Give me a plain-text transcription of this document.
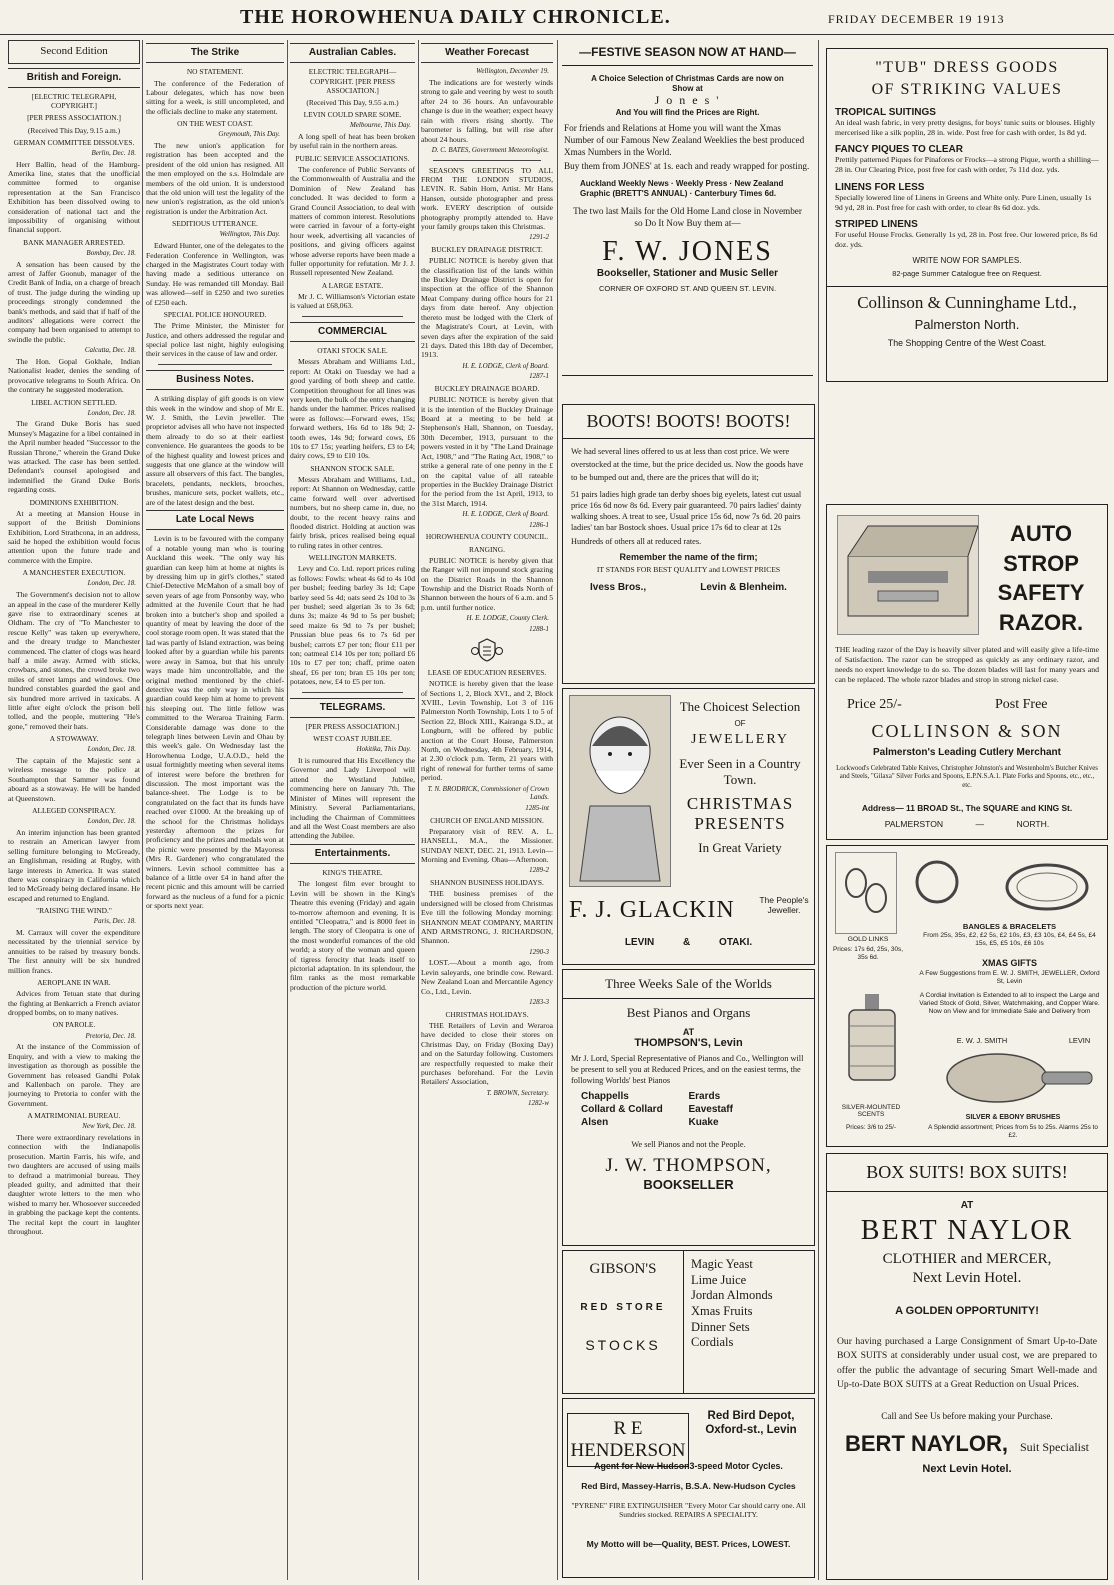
THE HOROWHENUA DAILY CHRONICLE.	FRIDAY DECEMBER 19 1913
Second Edition
British and Foreign.
[ELECTRIC TELEGRAPH, COPYRIGHT.]
[PER PRESS ASSOCIATION.]
(Received This Day, 9.15 a.m.)
GERMAN COMMITTEE DISSOLVES.
Berlin, Dec. 18.

Herr Ballin, head of the Hamburg-Amerika line, states that the unofficial committee formed to organise representation at the San Francisco Exhibition has been dissolved owing to consideration of national tact and the impossibility of organising without financial support.

BANK MANAGER ARRESTED.
Bombay, Dec. 18.

A sensation has been caused by the arrest of Jaffer Goonub, manager of the Credit Bank of India, on a charge of breach of trust. The judge during the winding up proceedings strongly condemned the bank's methods, and said that if half of the auditors' allegations were correct the company had been organised to attempt to swindle the public.

Calcutta, Dec. 18.

The Hon. Gopal Gokhale, Indian Nationalist leader, denies the sending of provocative telegrams to South Africa. On the contrary he suggested moderation.

LIBEL ACTION SETTLED.
London, Dec. 18.

The Grand Duke Boris has sued Munsey's Magazine for a libel contained in the April number headed "Successor to the Russian Throne," wherein the Grand Duke was attacked. The case has been settled. Defendant's counsel apologised and indemnified the Grand Duke Boris regarding costs.

DOMINIONS EXHIBITION.

At a meeting at Mansion House in support of the British Dominions Exhibition, Lord Strathcona, in an address, said he hoped the exhibition would focus attention upon the future trade and commerce with the Empire.

A MANCHESTER EXECUTION.
London, Dec. 18.

The Government's decision not to allow an appeal in the case of the murderer Kelly gave rise to extraordinary scenes at Oldham. The cry of "To Manchester to rescue Kelly" was taken up everywhere, and the dreary trudge to Manchester commenced. The clatter of clogs was heard half a mile away. Armed with sticks, crowbars, and stones, the crowd broke two miles of street lamps and windows. One hundred constables guarded the gaol and six hundred more arrived in taxicabs. A little after eight o'clock the prison bell tolled, and the people, muttering "He's gone," removed their hats.

A STOWAWAY.
London, Dec. 18.

The captain of the Majestic sent a wireless message to the police at Southampton that Sammer was found aboard as a stowaway. He will be handed at Queenstown.

ALLEGED CONSPIRACY.
London, Dec. 18.

An interim injunction has been granted to restrain an American lawyer from selling furniture belonging to McGready, an Englishman, residing at Rugby, with large interests in America. It was stated there was conspiracy in California which led to McGready being declared insane. He escaped and returned to England.

"RAISING THE WIND."
Paris, Dec. 18.

M. Carraux will cover the expenditure necessitated by the triennial service by annuities to be raised by treasury bonds. The first annuity will be six hundred million francs.

AEROPLANE IN WAR.

Advices from Tetuan state that during the fighting at Benkarrich a French aviator dropped bombs, on to many natives.

ON PAROLE.
Pretoria, Dec. 18.

At the instance of the Commission of Enquiry, and with a view to making the investigation as thorough as possible the Government has released Gandhi Polak and Kallenbach on parole. They are journeying to Pretoria to confer with the Government.

A MATRIMONIAL BUREAU.
New York, Dec. 18.

There were extraordinary revelations in connection with the Indianapolis prosecution. Martin Farris, his wife, and two daughters are accused of using mails to defraud a matrimonial bureau. They pleaded guilty, and admitted that their daughter wrote letters to the men who wished to marry her. Whosoever succeeded in grabbing the package kept the contents. The recital kept the court in laughter throughout.

The Strike
NO STATEMENT.

The conference of the Federation of Labour delegates, which has now been sitting for a week, is still uncompleted, and the officials decline to make any statement.

ON THE WEST COAST.
Greymouth, This Day.

The new union's application for registration has been accepted and the president of the old union has resigned. All the men employed on the s.s. Holmdale are members of the old union. It is understood that the old union will test the legality of the new union's registration, as the old union's registration is under the Arbitration Act.

SEDITIOUS UTTERANCE.
Wellington, This Day.

Edward Hunter, one of the delegates to the Federation Conference in Wellington, was charged in the Magistrates Court today with having made a seditious utterance on Sunday. He was remanded till Monday. Bail was allowed—self in £250 and two sureties of £250 each.

SPECIAL POLICE HONOURED.

The Prime Minister, the Minister for Justice, and others addressed the regular and special police last night, highly eulogising their services in the cause of law and order.

Business Notes.

A striking display of gift goods is on view this week in the window and shop of Mr E. W. J. Smith, the Levin jeweller. The proprietor advises all who have not inspected them already to do so at their earliest convenience. He guarantees the goods to be of the highest quality and lowest prices and suggests that one glance at the window will assure all observers of this fact. The bangles, bracelets, pendants, necklets, brooches, brushes, manicure sets, pocket wallets, etc., are of the latest design and the best.

Late Local News

Levin is to be favoured with the company of a notable young man who is touring Auckland this week. "The only way his guardian can keep him at home at nights is by dressing him up in girl's clothes," stated Chief-Detective McMahon of a small boy of seven years of age from Ponsonby way, who admitted at the Juvenile Court that he had broken into a butcher's shop and spoiled a quantity of meat by leaving the door of the cool storage room open. It was stated that the lad was partly of Island extraction, was being looked after by a guardian while his parents were away in Samoa, but that his unruly ways made him uncontrollable, and the original method mentioned by the chief-detective was the only way in which his guardian could keep him at home to prevent his sleeping out. The little fellow was committed to the Weraroa Training Farm. Considerable damage was done to the telegraph lines between Levin and Ohau by this week's gale. On Wednesday last the Horowhenua Lodge, U.A.O.D., held the usual fortnightly meeting when several items of interest were before the brethren for discussion. The most important was the balance-sheet. The Lodge is to be congratulated on the fact that its funds have reached over £1000. At the breaking up of the school for the Christmas holidays yesterday afternoon the prizes for proficiency and the prizes and medals won at the picnic were presented by the Mayoress (Mrs R. Gardener) who congratulated the winners. Levin school committee has a balance of a little over £4 in hand after the recent picnic and this amount will be carried forward as the nucleus of a fund for a picnic or sports next year.

Australian Cables.
ELECTRIC TELEGRAPH—COPYRIGHT. [PER PRESS ASSOCIATION.]
(Received This Day, 9.55 a.m.)
LEVIN COULD SPARE SOME.
Melbourne, This Day.

A long spell of heat has been broken by useful rain in the northern areas.

PUBLIC SERVICE ASSOCIATIONS.

The conference of Public Servants of the Commonwealth of Australia and the Dominion of New Zealand has concluded. It was decided to form a Grand Council Association, to deal with matters of common interest. Resolutions were carried in favour of a forty-eight hour week, advertising all vacancies of positions, and giving officers against whose adverse reports have been made a fuller opportunity for refutation. Mr J. J. Russell represented New Zealand.

A LARGE ESTATE.

Mr J. C. Williamson's Victorian estate is valued at £68,063.

COMMERCIAL
OTAKI STOCK SALE.

Messrs Abraham and Williams Ltd., report: At Otaki on Tuesday we had a good yarding of both sheep and cattle. Competition throughout for all lines was very keen, the bulk of the entry changing hands under the hammer. Prices realised were as follows:—Forward ewes, 15s; forward wethers, 16s 6d to 18s 9d; 2-tooth ewes, 14s 9d; forward cows, £6 10s to £7 15s; yearling heifers, £3 to £4; dairy cows, £9 to £10 10s.

SHANNON STOCK SALE.

Messrs Abraham and Williams, Ltd., report: At Shannon on Wednesday, cattle came forward well over advertised numbers, but no sheep came in, due, no doubt, to the recent heavy rains and flooded district. Holding at auction was fairly brisk, prices realised being equal to ruling rates in other centres.

WELLINGTON MARKETS.

Levy and Co. Ltd. report prices ruling as follows: Fowls: wheat 4s 6d to 4s 10d per bushel; feeding barley 3s 1d; Cape barley seed 5s 4d; oats seed 2s 10d to 3s per bushel; seed algerian 3s to 3s 6d; duns 3s; maize 4s 9d to 5s per bushel; seed maize 6s 9d to 7s per bushel; Prussian blue peas 6s to 7s 6d per bushel; carrots £7 per ton; flour £11 per ton; oatmeal £14 10s per ton; pollard £6 10s to £7 per ton; chaff, prime oaten sheaf, £6 per ton; bran £5 10s per ton; potatoes, new, £4 to £5 per ton.

TELEGRAMS.
[PER PRESS ASSOCIATION.]
WEST COAST JUBILEE.
Hokitika, This Day.

It is rumoured that His Excellency the Governor and Lady Liverpool will attend the Westland Jubilee, commencing here on January 7th. The Minister of Mines will represent the Ministry. Several Parliamentarians, including the Chairman of Committees and all the West Coast members are also attending the Jubilee.

Entertainments.
KING'S THEATRE.

The longest film ever brought to Levin will be shown in the King's Theatre this evening (Friday) and again to-morrow afternoon and evening. It is entitled "Cleopatra," and is 8000 feet in length. The story of Cleopatra is one of the most wonderful romances of the old world; a story of the woman and queen of tigress ferocity that leads itself to pictorial adaptation. In its splendour, the film ranks as the most remarkable production of the picture world.

Weather Forecast
Wellington, December 19.

The indications are for westerly winds strong to gale and veering by west to south after 24 to 36 hours. An unfavourable change is due in the weather; expect heavy rain with rivers rising shortly. The barometer is falling, but will rise after about 24 hours.

D. C. BATES, Government Meteorologist.

SEASON'S GREETINGS TO ALL FROM THE LONDON STUDIOS, LEVIN. R. Sabin Horn, Artist. Mr Hans Hansen, outside photographer and press work. EVERY description of outside photography promptly attended to. Have your family groups taken this Christmas.

1291-2
BUCKLEY DRAINAGE DISTRICT.

PUBLIC NOTICE is hereby given that the classification list of the lands within the Buckley Drainage District is open for inspection at the office of the Shannon Meat Company during office hours for 21 days from date hereof. Any objection thereto must be lodged with the Clerk of the Magistrate's Court, at Levin, with seven days after the expiration of the said 21 days. Dated this 18th day of December, 1913.

H. E. LODGE, Clerk of Board.
1287-1
BUCKLEY DRAINAGE BOARD.

PUBLIC NOTICE is hereby given that it is the intention of the Buckley Drainage Board at a meeting to be held at Stephenson's Hall, Shannon, on Tuesday, 30th December, 1913, pursuant to the powers vested in it by "The Land Drainage Act, 1908," and "The Rating Act, 1908," to strike a general rate of one penny in the £ on the capital value of all rateable properties in the Buckley Drainage District for the period from the 1st April, 1913, to the 31st March, 1914.

H. E. LODGE, Clerk of Board.
1286-1
HOROWHENUA COUNTY COUNCIL.
RANGING.

PUBLIC NOTICE is hereby given that the Ranger will not impound stock grazing on the District Roads in the Shannon Township and the District Roads North of Shannon between the hours of 6 a.m. and 5 p.m. until further notice.

H. E. LODGE, County Clerk.
1288-1
LEASE OF EDUCATION RESERVES.

NOTICE is hereby given that the lease of Sections 1, 2, Block XVI., and 2, Block XVIII., Levin Township, Lot 3 of 116 Palmerston North Township, Lots 1 to 5 of Section 22, Block XIII., Kairanga S.D., at Longburn, will be offered by public auction at the Court House, Palmerston North, on Wednesday, 4th February, 1914, at 2.30 o'clock p.m. Term, 21 years with right of renewal for further terms of same period.

T. N. BRODRICK, Commissioner of Crown Lands.
1285-int
CHURCH OF ENGLAND MISSION.

Preparatory visit of REV. A. L. HANSELL, M.A., the Missioner. SUNDAY NEXT, DEC. 21, 1913. Levin—Morning and Evening. Ohau—Afternoon.

1289-2
SHANNON BUSINESS HOLIDAYS.

THE business premises of the undersigned will be closed from Christmas Eve till the following Monday morning: SHANNON MEAT COMPANY, MARTIN AND ARMSTRONG, J. RICHARDSON, Shannon.

1290-3

LOST.—About a month ago, from Levin saleyards, one brindle cow. Reward. New Zealand Loan and Mercantile Agency Co., Ltd., Levin.

1283-3
CHRISTMAS HOLIDAYS.

THE Retailers of Levin and Weraroa have decided to close their stores on Christmas Day, on Friday (Boxing Day) and on the Saturday following. Customers are respectfully requested to make their purchases beforehand. For the Levin Retailers' Association,

T. BROWN, Secretary.
1282-w
—FESTIVE SEASON NOW AT HAND—
A Choice Selection of Christmas Cards are now on Show at
J o n e s '
And You will find the Prices are Right.
For friends and Relations at Home you will want the Xmas Number of our Famous New Zealand Weeklies the best produced Xmas Numbers in the World.
Buy them from JONES' at 1s. each and ready wrapped for posting.
Auckland Weekly News · Weekly Press · New Zealand Graphic (BRETT'S ANNUAL) · Canterbury Times 6d.
The two last Mails for the Old Home Land close in November so Do It Now Buy them at—
F. W. JONES
Bookseller, Stationer and Music Seller
CORNER OF OXFORD ST. AND QUEEN ST. LEVIN.
BOOTS! BOOTS! BOOTS!
We had several lines offered to us at less than cost price. We were overstocked at the time, but the price decided us. Now the goods have to be bumped out and, there are the prices that will do it;
51 pairs ladies high grade tan derby shoes big eyelets, latest cut usual price 16s 6d now 8s 6d. Every pair guaranteed. 70 pairs ladies' dainty walking shoes. A treat to see, Usual price 15s 6d, now 7s 6d. 20 pairs ladies' tan bar Bostock shoes. Usual price 17s 6d to clear at 12s
Hundreds of others all at reduced rates.
Remember the name of the firm;
IT STANDS FOR BEST QUALITY and LOWEST PRICES
Ivess Bros.,	Levin & Blenheim.
The Choicest Selection
OF
JEWELLERY
Ever Seen in a Country Town.
CHRISTMAS
PRESENTS
In Great Variety
F. J. GLACKIN	The People's Jeweller.
LEVIN & OTAKI.
Three Weeks Sale of the Worlds
Best Pianos and Organs
AT
THOMPSON'S, Levin
Mr J. Lord, Special Representative of Pianos and Co., Wellington will be present to sell you at Reduced Prices, and on the easiest terms, the following Worlds' best Pianos
Chappells	Erards
Collard & Collard	Eavestaff
Alsen	Kuake
We sell Pianos and not the People.
J. W. THOMPSON,
BOOKSELLER
GIBSON'S
RED STORE
STOCKS
Magic Yeast
Lime Juice
Jordan Almonds
Xmas Fruits
Dinner Sets
Cordials
R E HENDERSON
Red Bird Depot, Oxford-st., Levin
Agent for New-Hudson3-speed Motor Cycles.
Red Bird, Massey-Harris, B.S.A. New-Hudson Cycles
"PYRENE" FIRE EXTINGUISHER "Every Motor Car should carry one. All Sundries stocked. REPAIRS A SPECIALITY.
My Motto will be—Quality, BEST. Prices, LOWEST.
"TUB" DRESS GOODS
OF STRIKING VALUES
TROPICAL SUITINGS
An ideal wash fabric, in very pretty designs, for boys' tunic suits or blouses. Highly mercerised like a silk poplin, 28 in. wide. Post free for cash with order, 1s 8d yd.
FANCY PIQUES TO CLEAR
Prettily patterned Piques for Pinafores or Frocks—a strong Pique, worth a shilling—28 in. Our Clearing Price, post free for cash with order, 7s 11d doz. yds.
LINENS FOR LESS
Specially lowered line of Linens in Greens and White only. Pure Linen, usually 1s 9d yd, 28 in. Post free for cash with order, to clear 8s 6d doz. yds.
STRIPED LINENS
For useful House Frocks. Generally 1s yd, 28 in. Post free. Our lowered price, 8s 6d doz. yds.
WRITE NOW FOR SAMPLES.
82-page Summer Catalogue free on Request.
Collinson & Cunninghame Ltd.,
Palmerston North.
The Shopping Centre of the West Coast.
AUTO STROP
SAFETY
RAZOR.
THE leading razor of the Day is heavily silver plated and will easily give a life-time of Satisfaction. The razor can be stropped as quickly as any ordinary razor, and needs no expert knowledge to do so. The dozen blades will last for many years and can be replaced. The whole razor blades and strop in strong nickel case.
Price 25/-	Post Free
COLLINSON & SON
Palmerston's Leading Cutlery Merchant
Lockwood's Celebrated Table Knives, Christopher Johnston's and Westenholm's Butcher Knives and Steels, "Gilaxa" Silver Forks and Spoons, E.P.N.S.A.1. Plate Forks and Spoons, etc., etc., etc.
Address— 11 BROAD St., The SQUARE and KING St.
PALMERSTON — NORTH.
BANGLES & BRACELETS
From 25s, 35s, £2, £2 5s, £2 10s, £3, £3 10s, £4, £4 5s, £4 15s, £5, £5 10s, £6 10s
GOLD LINKS
Prices: 17s 6d, 25s, 30s, 35s 6d.
XMAS GIFTS
A Few Suggestions from E. W. J. SMITH, JEWELLER, Oxford St, Levin
A Cordial Invitation is Extended to all to inspect the Large and Varied Stock of Gold, Silver, Watchmaking, and Copper Ware. Now on View and for Immediate Sale and Delivery from
E. W. J. SMITH	LEVIN
SILVER-MOUNTED SCENTS
Prices: 3/6 to 25/-
SILVER & EBONY BRUSHES
A Splendid assortment; Prices from 5s to 25s. Alarms 25s to £2.
BOX SUITS! BOX SUITS!
AT
BERT NAYLOR
CLOTHIER and MERCER,
Next Levin Hotel.
A GOLDEN OPPORTUNITY!
Our having purchased a Large Consignment of Smart Up-to-Date BOX SUITS at considerably under usual cost, we are prepared to offer the public the advantage of securing Smart Well-made and Up-to-Date BOX SUITS at a Great Reduction on Usual Prices.
Call and See Us before making your Purchase.
BERT NAYLOR, Suit Specialist
Next Levin Hotel.
